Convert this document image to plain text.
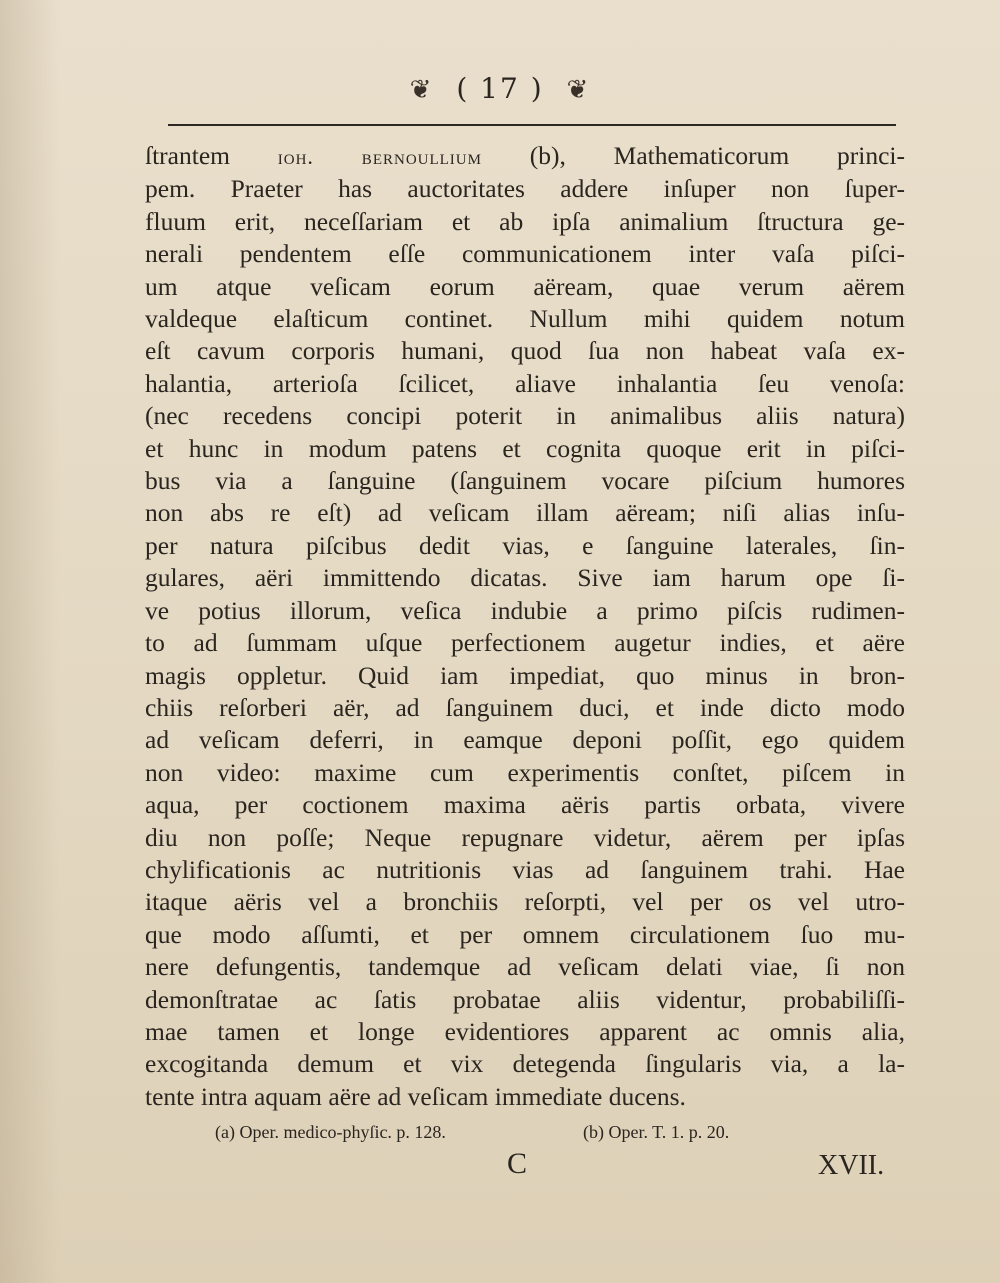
❦ ( 17 ) ❦
ſtrantem ioh. bernoullium (b), Mathematicorum princi-
pem. Praeter has auctoritates addere inſuper non ſuper-
fluum erit, neceſſariam et ab ipſa animalium ſtructura ge-
nerali pendentem eſſe communicationem inter vaſa piſci-
um atque veſicam eorum aëream, quae verum aërem
valdeque elaſticum continet. Nullum mihi quidem notum
eſt cavum corporis humani, quod ſua non habeat vaſa ex-
halantia, arterioſa ſcilicet, aliave inhalantia ſeu venoſa:
(nec recedens concipi poterit in animalibus aliis natura)
et hunc in modum patens et cognita quoque erit in piſci-
bus via a ſanguine (ſanguinem vocare piſcium humores
non abs re eſt) ad veſicam illam aëream; niſi alias inſu-
per natura piſcibus dedit vias, e ſanguine laterales, ſin-
gulares, aëri immittendo dicatas. Sive iam harum ope ſi-
ve potius illorum, veſica indubie a primo piſcis rudimen-
to ad ſummam uſque perfectionem augetur indies, et aëre
magis oppletur. Quid iam impediat, quo minus in bron-
chiis reſorberi aër, ad ſanguinem duci, et inde dicto modo
ad veſicam deferri, in eamque deponi poſſit, ego quidem
non video: maxime cum experimentis conſtet, piſcem in
aqua, per coctionem maxima aëris partis orbata, vivere
diu non poſſe; Neque repugnare videtur, aërem per ipſas
chylificationis ac nutritionis vias ad ſanguinem trahi. Hae
itaque aëris vel a bronchiis reſorpti, vel per os vel utro-
que modo aſſumti, et per omnem circulationem ſuo mu-
nere defungentis, tandemque ad veſicam delati viae, ſi non
demonſtratae ac ſatis probatae aliis videntur, probabiliſſi-
mae tamen et longe evidentiores apparent ac omnis alia,
excogitanda demum et vix detegenda ſingularis via, a la-
tente intra aquam aëre ad veſicam immediate ducens.
(a) Oper. medico-phyſic. p. 128.	(b) Oper. T. 1. p. 20.
C	XVII.
